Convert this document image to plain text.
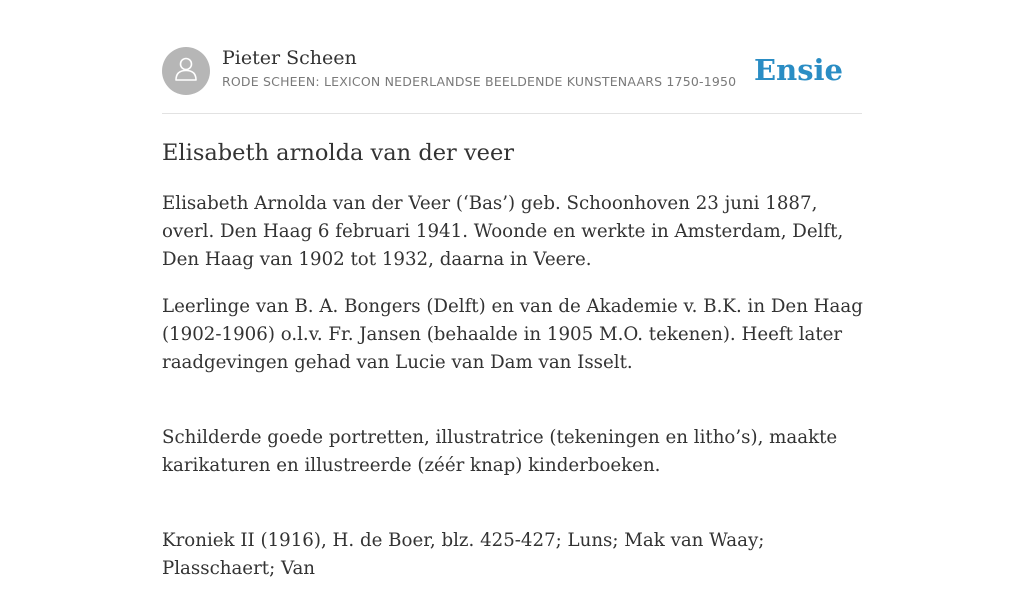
Pieter Scheen
RODE SCHEEN: LEXICON NEDERLANDSE BEELDENDE KUNSTENAARS 1750-1950 Ensie
Elisabeth arnolda van der veer

Elisabeth Arnolda van der Veer (‘Bas’) geb. Schoonhoven 23 juni 1887, overl. Den Haag 6 februari 1941. Woonde en werkte in Amsterdam, Delft, Den Haag van 1902 tot 1932, daarna in Veere.

Leerlinge van B. A. Bongers (Delft) en van de Akademie v. B.K. in Den Haag (1902-1906) o.l.v. Fr. Jansen (behaalde in 1905 M.O. tekenen). Heeft later raadgevingen gehad van Lucie van Dam van Isselt.

Schilderde goede portretten, illustratrice (tekeningen en litho’s), maakte karikaturen en illustreerde (zéér knap) kinderboeken.

Kroniek II (1916), H. de Boer, blz. 425-427; Luns; Mak van Waay; Plasschaert; Van
